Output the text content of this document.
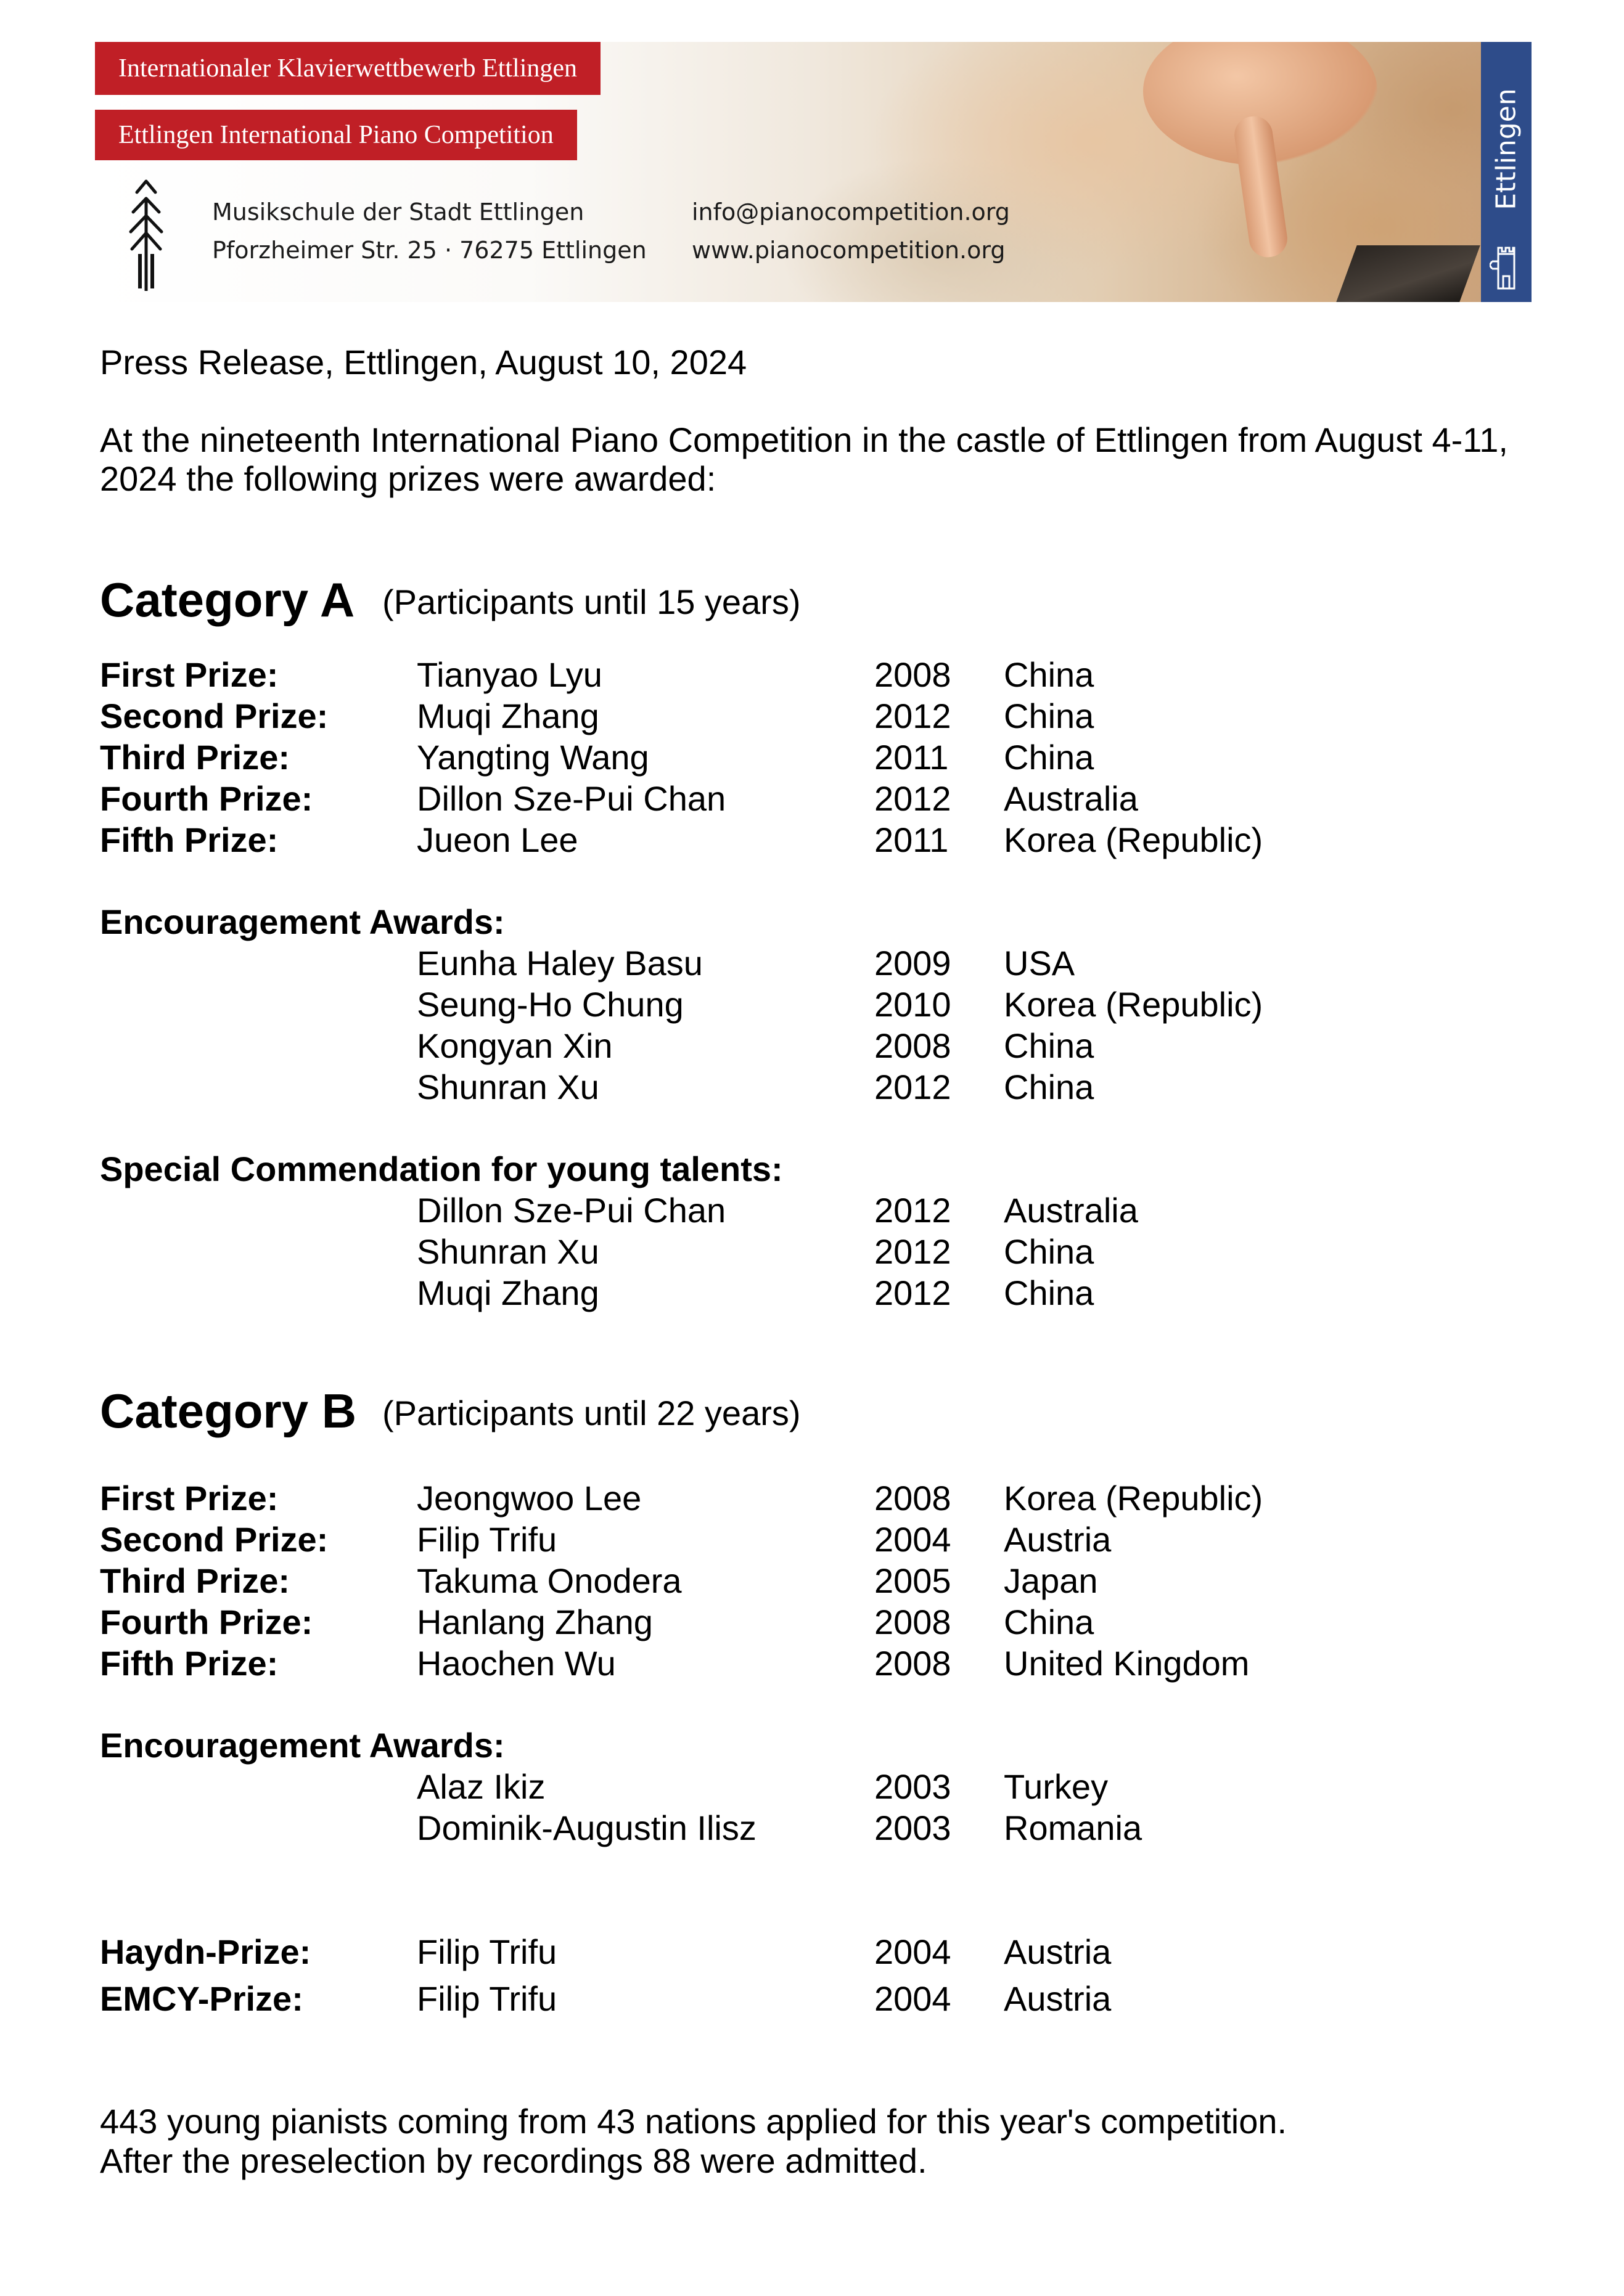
Internationaler Klavierwettbewerb Ettlingen
Ettlingen International Piano Competition
Musikschule der Stadt Ettlingen
Pforzheimer Str. 25 · 76275 Ettlingen
info@pianocompetition.org
www.pianocompetition.org
Ettlingen
Press Release, Ettlingen, August 10, 2024
At the nineteenth International Piano Competition in the castle of Ettlingen from August 4-11,
2024 the following prizes were awarded:
Category A (Participants until 15 years)
First Prize:	Tianyao Lyu	2008 China
Second Prize:	Muqi Zhang	2012 China
Third Prize:	Yangting Wang	2011 China
Fourth Prize:	Dillon Sze-Pui Chan	2012 Australia
Fifth Prize:	Jueon Lee	2011 Korea (Republic)
Encouragement Awards:
Eunha Haley Basu	2009 USA
Seung-Ho Chung	2010 Korea (Republic)
Kongyan Xin	2008 China
Shunran Xu	2012 China
Special Commendation for young talents:
Dillon Sze-Pui Chan	2012 Australia
Shunran Xu	2012 China
Muqi Zhang	2012 China
Category B (Participants until 22 years)
First Prize:	Jeongwoo Lee	2008 Korea (Republic)
Second Prize:	Filip Trifu	2004 Austria
Third Prize:	Takuma Onodera	2005 Japan
Fourth Prize:	Hanlang Zhang	2008 China
Fifth Prize:	Haochen Wu	2008 United Kingdom
Encouragement Awards:
Alaz Ikiz	2003 Turkey
Dominik-Augustin Ilisz	2003 Romania
Haydn-Prize:	Filip Trifu	2004 Austria
EMCY-Prize:	Filip Trifu	2004 Austria
443 young pianists coming from 43 nations applied for this year's competition.
After the preselection by recordings 88 were admitted.
